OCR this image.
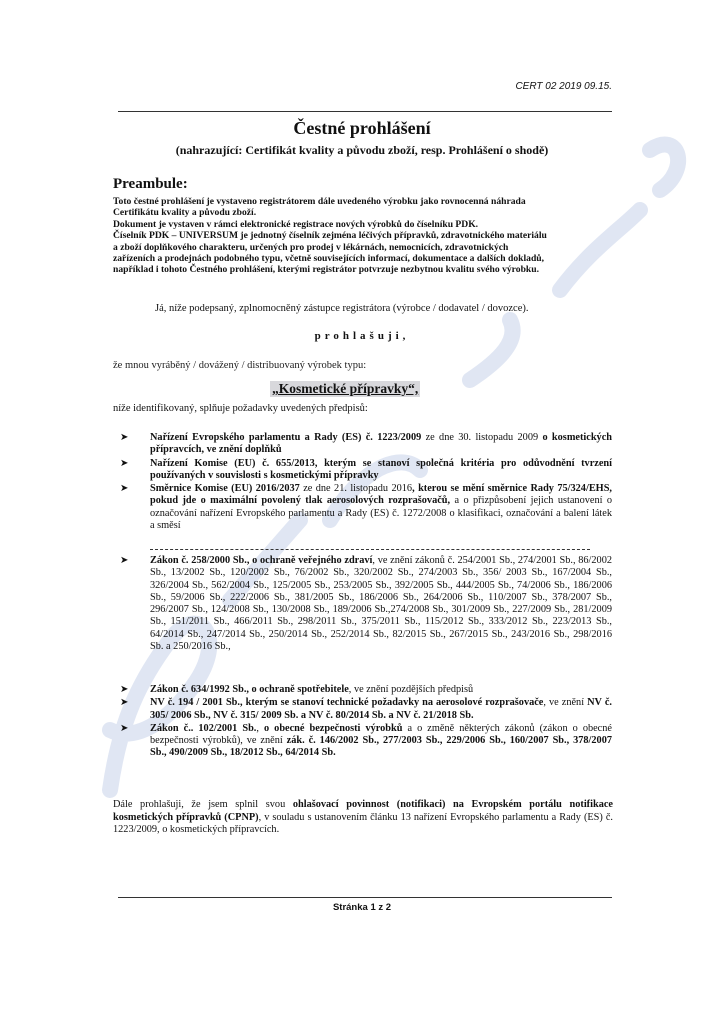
CERT 02 2019 09.15.
Čestné prohlášení
(nahrazující: Certifikát kvality a původu zboží, resp. Prohlášení o shodě)
Preambule:
Toto čestné prohlášení je vystaveno registrátorem dále uvedeného výrobku jako rovnocenná náhrada
Certifikátu kvality a původu zboží.
Dokument je vystaven v rámci elektronické registrace nových výrobků do číselníku PDK.
Číselník PDK – UNIVERSUM je jednotný číselník zejména léčivých přípravků, zdravotnického materiálu
a zboží doplňkového charakteru, určených pro prodej v lékárnách, nemocnicích, zdravotnických
zařízeních a prodejnách podobného typu, včetně souvisejících informací, dokumentace a dalších dokladů,
například i tohoto Čestného prohlášení, kterými registrátor potvrzuje nezbytnou kvalitu svého výrobku.
Já, níže podepsaný, zplnomocněný zástupce registrátora (výrobce / dodavatel / dovozce).
prohlašuji,
že mnou vyráběný / dovážený / distribuovaný výrobek typu:
„Kosmetické přípravky“,
níže identifikovaný, splňuje požadavky uvedených předpisů:
➤ Nařízení Evropského parlamentu a Rady (ES) č. 1223/2009 ze dne 30. listopadu 2009 o kosmetických přípravcích, ve znění doplňků
➤ Nařízení Komise (EU) č. 655/2013, kterým se stanoví společná kritéria pro odůvodnění tvrzení používaných v souvislosti s kosmetickými přípravky
➤ Směrnice Komise (EU) 2016/2037 ze dne 21. listopadu 2016, kterou se mění směrnice Rady 75/324/EHS, pokud jde o maximální povolený tlak aerosolových rozprašovačů, a o přizpůsobení jejich ustanovení o označování nařízení Evropského parlamentu a Rady (ES) č. 1272/2008 o klasifikaci, označování a balení látek a směsí
➤ Zákon č. 258/2000 Sb., o ochraně veřejného zdraví, ve znění zákonů č. 254/2001 Sb., 274/2001 Sb., 86/2002 Sb., 13/2002 Sb., 120/2002 Sb., 76/2002 Sb., 320/2002 Sb., 274/2003 Sb., 356/ 2003 Sb., 167/2004 Sb., 326/2004 Sb., 562/2004 Sb., 125/2005 Sb., 253/2005 Sb., 392/2005 Sb., 444/2005 Sb., 74/2006 Sb., 186/2006 Sb., 59/2006 Sb., 222/2006 Sb., 381/2005 Sb., 186/2006 Sb., 264/2006 Sb., 110/2007 Sb., 378/2007 Sb., 296/2007 Sb., 124/2008 Sb., 130/2008 Sb., 189/2006 Sb.,274/2008 Sb., 301/2009 Sb., 227/2009 Sb., 281/2009 Sb., 151/2011 Sb., 466/2011 Sb., 298/2011 Sb., 375/2011 Sb., 115/2012 Sb., 333/2012 Sb., 223/2013 Sb., 64/2014 Sb., 247/2014 Sb., 250/2014 Sb., 252/2014 Sb., 82/2015 Sb., 267/2015 Sb., 243/2016 Sb., 298/2016 Sb. a 250/2016 Sb.,
➤ Zákon č. 634/1992 Sb., o ochraně spotřebitele, ve znění pozdějších předpisů
➤ NV č. 194 / 2001 Sb., kterým se stanoví technické požadavky na aerosolové rozprašovače, ve znění NV č. 305/ 2006 Sb., NV č. 315/ 2009 Sb. a NV č. 80/2014 Sb. a NV č. 21/2018 Sb.
➤ Zákon č.. 102/2001 Sb., o obecné bezpečnosti výrobků a o změně některých zákonů (zákon o obecné bezpečnosti výrobků), ve znění zák. č. 146/2002 Sb., 277/2003 Sb., 229/2006 Sb., 160/2007 Sb., 378/2007 Sb., 490/2009 Sb., 18/2012 Sb., 64/2014 Sb.
Dále prohlašuji, že jsem splnil svou ohlašovací povinnost (notifikaci) na Evropském portálu notifikace kosmetických přípravků (CPNP), v souladu s ustanovením článku 13 nařízení Evropského parlamentu a Rady (ES) č. 1223/2009, o kosmetických přípravcích.
Stránka 1 z 2
